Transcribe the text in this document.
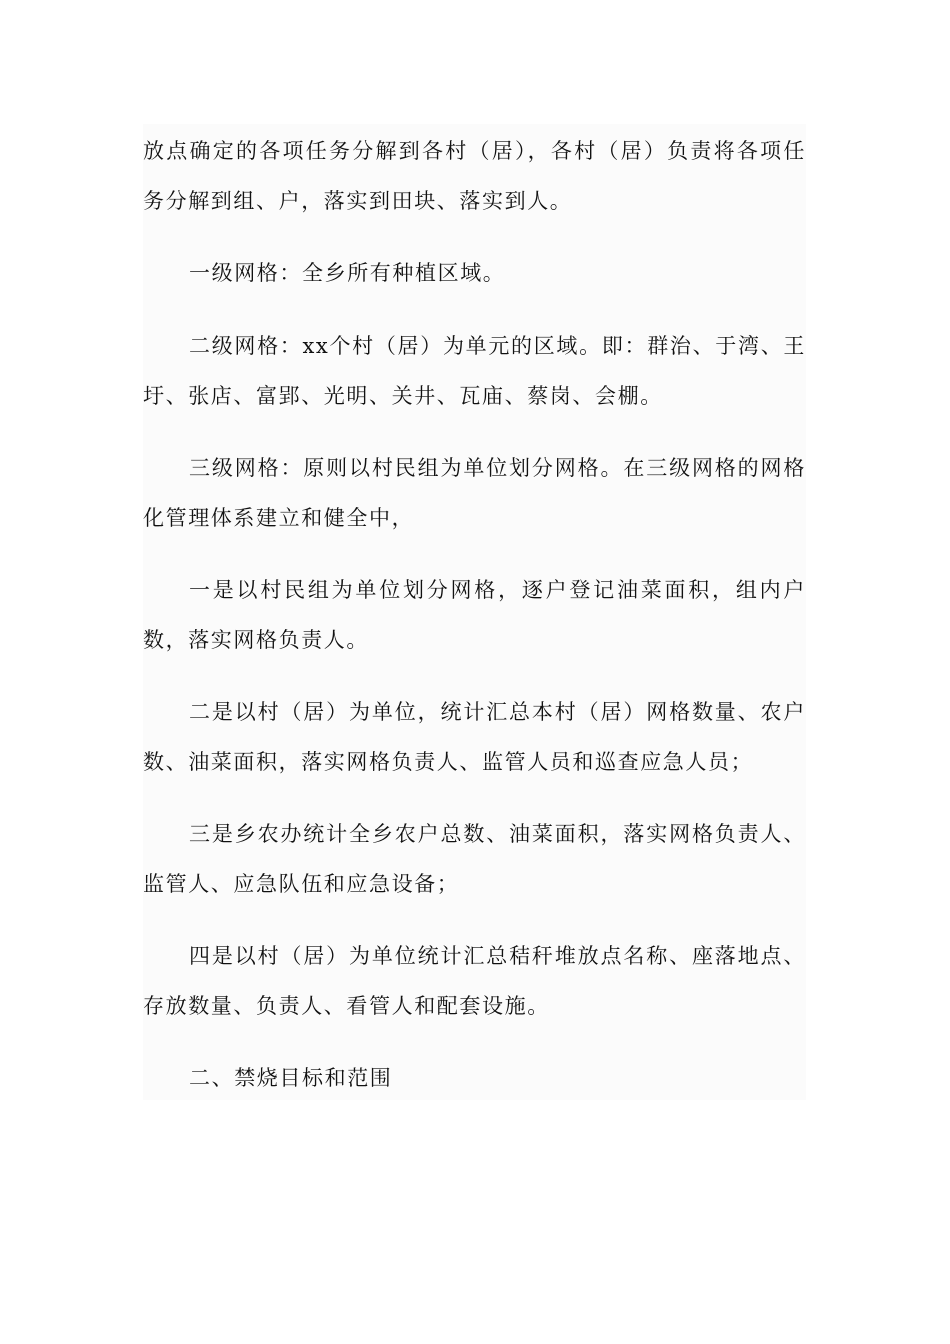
放点确定的各项任务分解到各村（居），各村（居）负责将各项任务分解到组、户，落实到田块、落实到人。

一级网格：全乡所有种植区域。

二级网格：xx个村（居）为单元的区域。即：群治、于湾、王圩、张店、富郢、光明、关井、瓦庙、蔡岗、会棚。

三级网格：原则以村民组为单位划分网格。在三级网格的网格化管理体系建立和健全中，

一是以村民组为单位划分网格，逐户登记油菜面积，组内户数，落实网格负责人。

二是以村（居）为单位，统计汇总本村（居）网格数量、农户数、油菜面积，落实网格负责人、监管人员和巡查应急人员；

三是乡农办统计全乡农户总数、油菜面积，落实网格负责人、监管人、应急队伍和应急设备；

四是以村（居）为单位统计汇总秸秆堆放点名称、座落地点、存放数量、负责人、看管人和配套设施。

二、禁烧目标和范围
